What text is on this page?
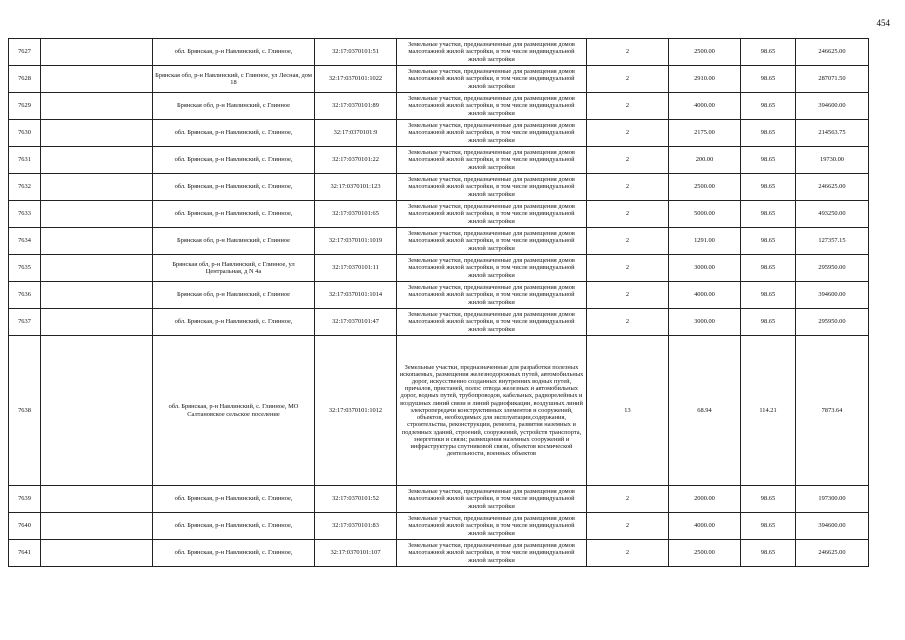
454
7627		обл. Брянская, р-н Навлинский, с. Глинное,	32:17:0370101:51	Земельные участки, предназначенные для размещения домов малоэтажной жилой застройки, в том числе индивидуальной жилой застройки	2	2500.00	98.65	246625.00
7628		Брянская обл, р-н Навлинский, с Глинное, ул Лесная, дом 18	32:17:0370101:1022	Земельные участки, предназначенные для размещения домов малоэтажной жилой застройки, в том числе индивидуальной жилой застройки	2	2910.00	98.65	287071.50
7629		Брянская обл, р-н Навлинский, с Глинное	32:17:0370101:89	Земельные участки, предназначенные для размещения домов малоэтажной жилой застройки, в том числе индивидуальной жилой застройки	2	4000.00	98.65	394600.00
7630		обл. Брянская, р-н Навлинский, с. Глинное,	32:17:0370101:9	Земельные участки, предназначенные для размещения домов малоэтажной жилой застройки, в том числе индивидуальной жилой застройки	2	2175.00	98.65	214563.75
7631		обл. Брянская, р-н Навлинский, с. Глинное,	32:17:0370101:22	Земельные участки, предназначенные для размещения домов малоэтажной жилой застройки, в том числе индивидуальной жилой застройки	2	200.00	98.65	19730.00
7632		обл. Брянская, р-н Навлинский, с. Глинное,	32:17:0370101:123	Земельные участки, предназначенные для размещения домов малоэтажной жилой застройки, в том числе индивидуальной жилой застройки	2	2500.00	98.65	246625.00
7633		обл. Брянская, р-н Навлинский, с. Глинное,	32:17:0370101:65	Земельные участки, предназначенные для размещения домов малоэтажной жилой застройки, в том числе индивидуальной жилой застройки	2	5000.00	98.65	493250.00
7634		Брянская обл, р-н Навлинский, с Глинное	32:17:0370101:1019	Земельные участки, предназначенные для размещения домов малоэтажной жилой застройки, в том числе индивидуальной жилой застройки	2	1291.00	98.65	127357.15
7635		Брянская обл, р-н Навлинский, с Глинное, ул Центральная, д N 4а	32:17:0370101:11	Земельные участки, предназначенные для размещения домов малоэтажной жилой застройки, в том числе индивидуальной жилой застройки	2	3000.00	98.65	295950.00
7636		Брянская обл, р-н Навлинский, с Глинное	32:17:0370101:1014	Земельные участки, предназначенные для размещения домов малоэтажной жилой застройки, в том числе индивидуальной жилой застройки	2	4000.00	98.65	394600.00
7637		обл. Брянская, р-н Навлинский, с. Глинное,	32:17:0370101:47	Земельные участки, предназначенные для размещения домов малоэтажной жилой застройки, в том числе индивидуальной жилой застройки	2	3000.00	98.65	295950.00
7638		обл. Брянская, р-н Навлинский, с. Глинное, МО Салтановское сельское поселение	32:17:0370101:1012	Земельные участки, предназначенные для разработки полезных ископаемых, размещения железнодорожных путей, автомобильных дорог, искусственно созданных внутренних водных путей, причалов, пристаней, полос отвода железных и автомобильных дорог, водных путей, трубопроводов, кабельных, радиорелейных и воздушных линий связи и линий радиофикации, воздушных линий электропередачи конструктивных элементов и сооружений, объектов, необходимых для эксплуатации,содержания, строительства, реконструкции, ремонта, развития наземных и подземных зданий, строений, сооружений, устройств транспорта, энергетики и связи; размещения наземных сооружений и инфраструктуры спутниковой связи, объектов космической деятельности, военных объектов	13	68.94	114.21	7873.64
7639		обл. Брянская, р-н Навлинский, с. Глинное,	32:17:0370101:52	Земельные участки, предназначенные для размещения домов малоэтажной жилой застройки, в том числе индивидуальной жилой застройки	2	2000.00	98.65	197300.00
7640		обл. Брянская, р-н Навлинский, с. Глинное,	32:17:0370101:83	Земельные участки, предназначенные для размещения домов малоэтажной жилой застройки, в том числе индивидуальной жилой застройки	2	4000.00	98.65	394600.00
7641		обл. Брянская, р-н Навлинский, с. Глинное,	32:17:0370101:107	Земельные участки, предназначенные для размещения домов малоэтажной жилой застройки, в том числе индивидуальной жилой застройки	2	2500.00	98.65	246625.00
